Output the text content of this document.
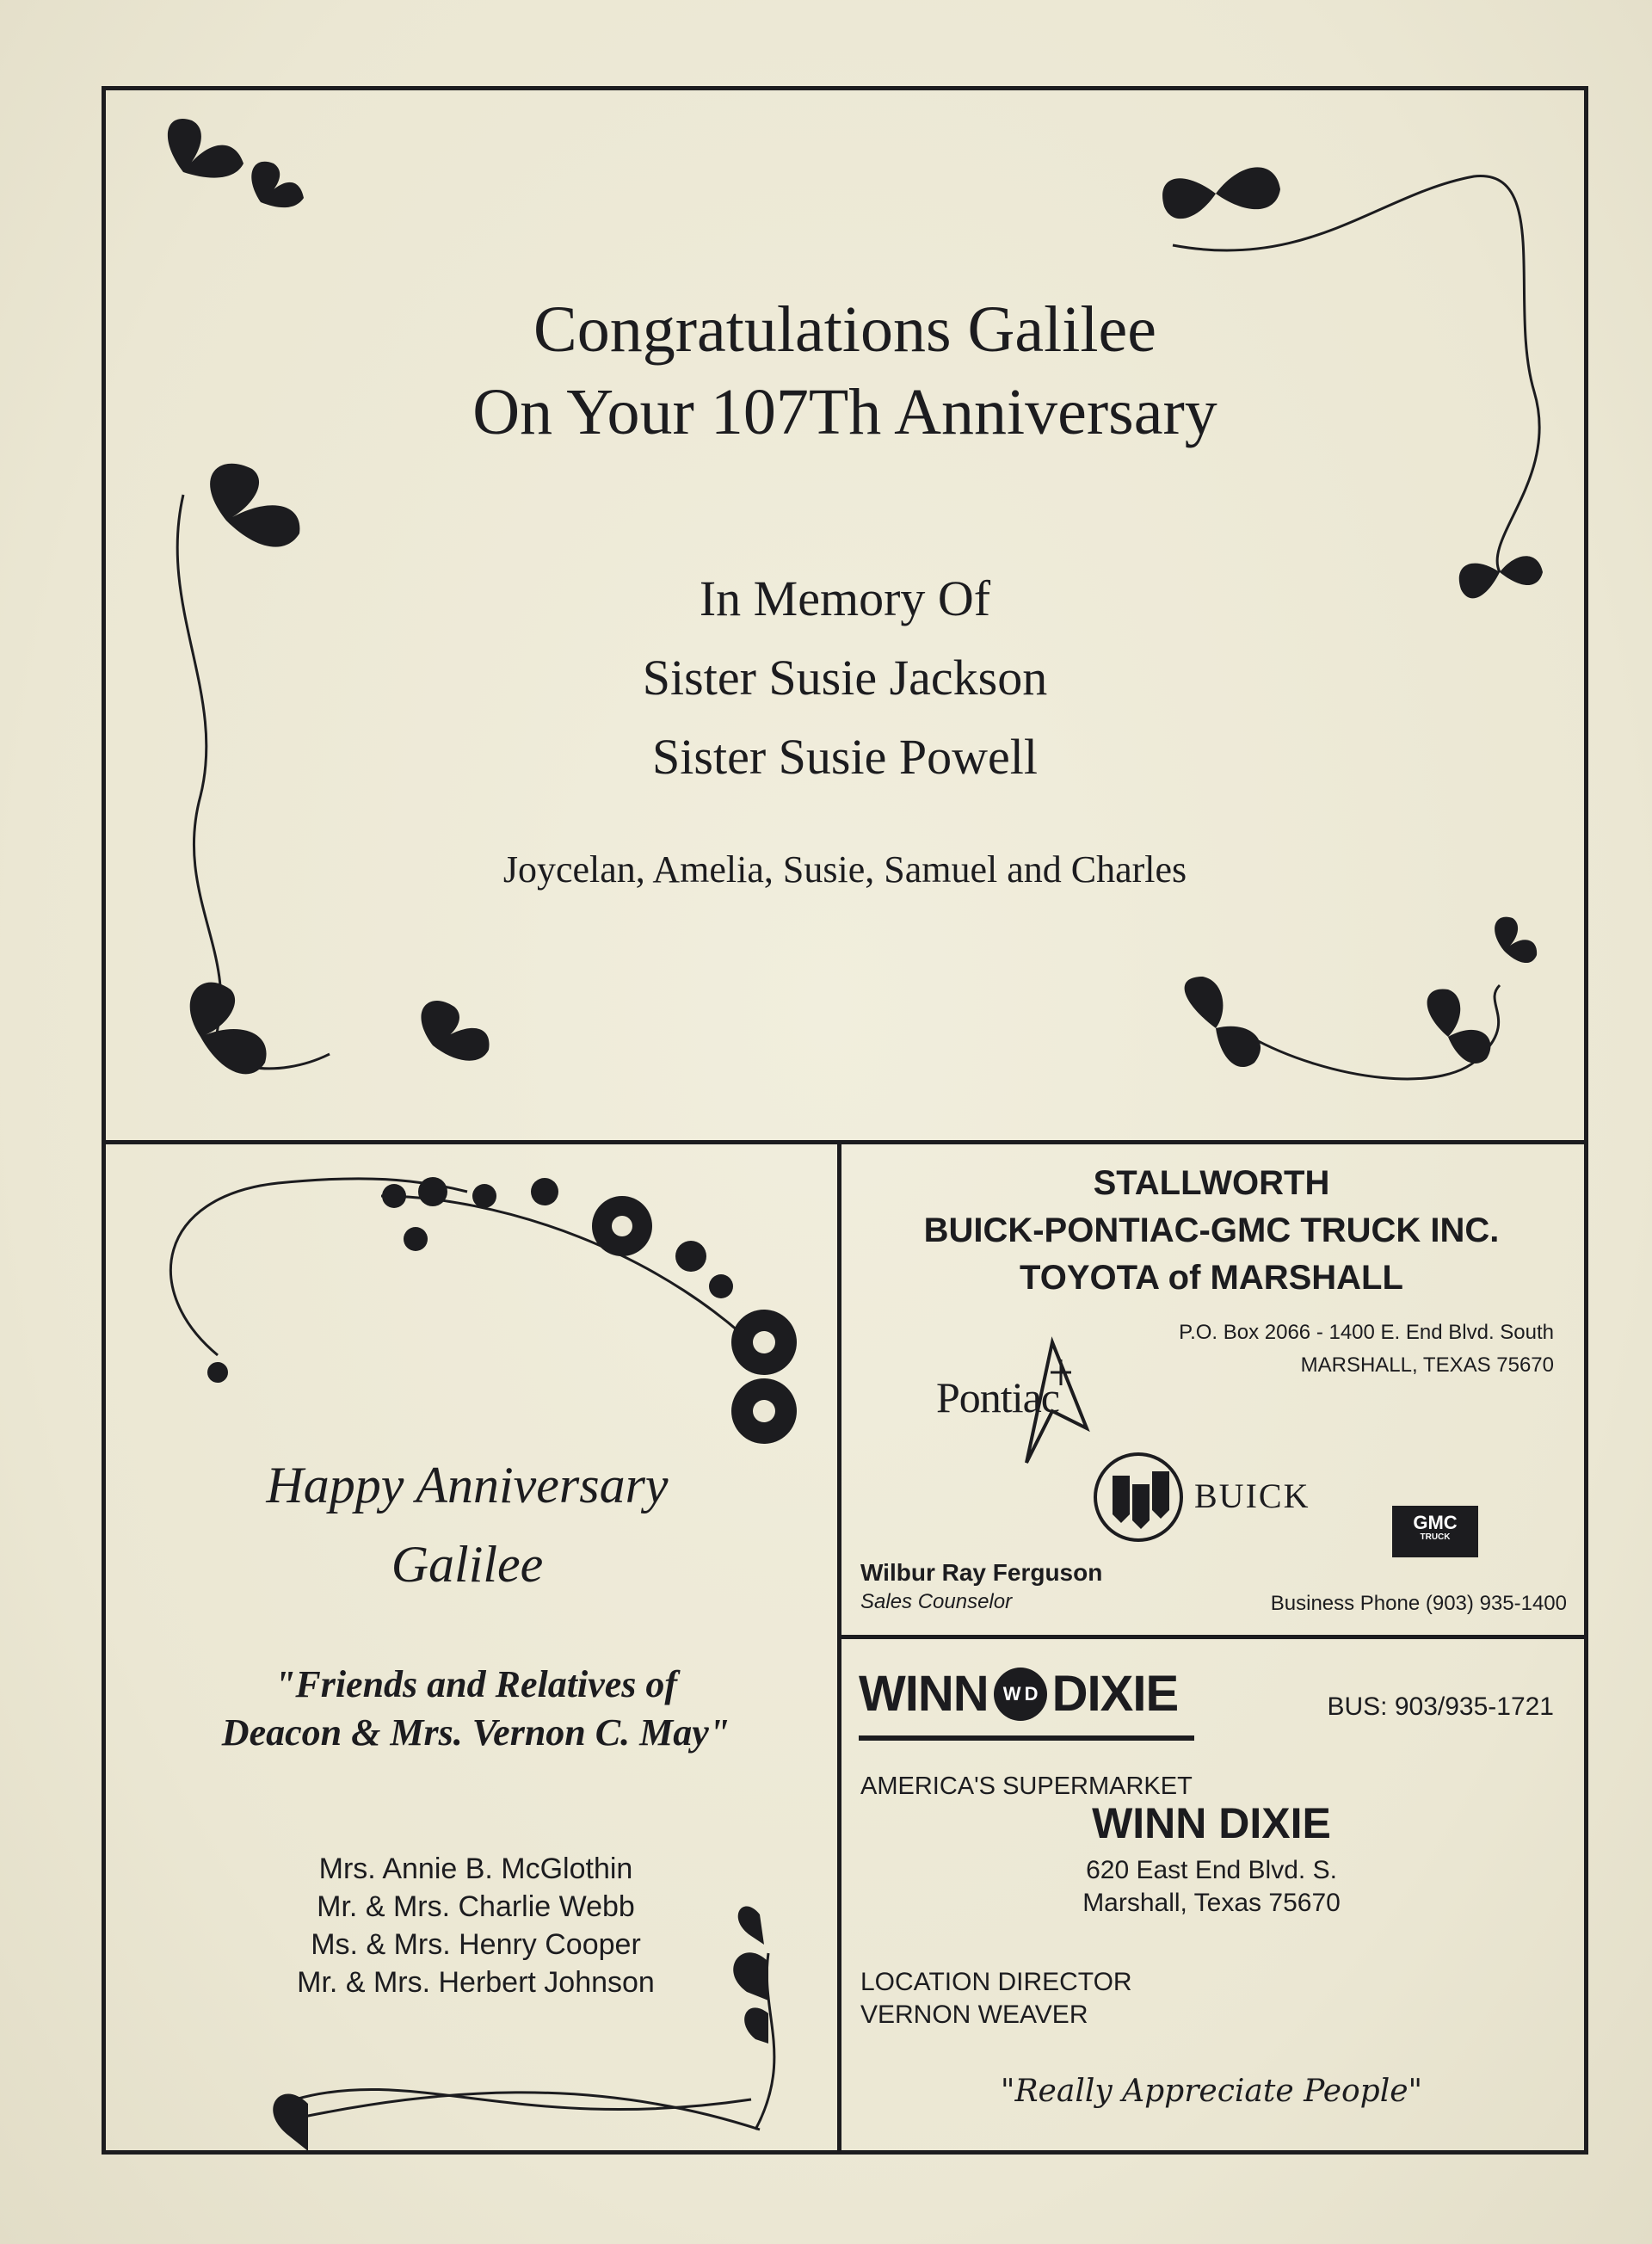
Congratulations Galilee
On Your 107Th Anniversary
In Memory Of
Sister Susie Jackson
Sister Susie Powell
Joycelan, Amelia, Susie, Samuel and Charles
Happy Anniversary
Galilee
"Friends and Relatives of
Deacon & Mrs. Vernon C. May"
Mrs. Annie B. McGlothin
Mr. & Mrs. Charlie Webb
Ms. & Mrs. Henry Cooper
Mr. & Mrs. Herbert Johnson
STALLWORTH
BUICK-PONTIAC-GMC TRUCK INC.
TOYOTA of MARSHALL
P.O. Box 2066 - 1400 E. End Blvd. South
MARSHALL, TEXAS 75670
Pontiac
BUICK
GMC
TRUCK
Wilbur Ray Ferguson
Sales Counselor	Business Phone (903) 935-1400
WINN W D DIXIE	BUS: 903/935-1721
AMERICA'S SUPERMARKET
WINN DIXIE
620 East End Blvd. S.
Marshall, Texas 75670
LOCATION DIRECTOR
VERNON WEAVER
"Really Appreciate People"
